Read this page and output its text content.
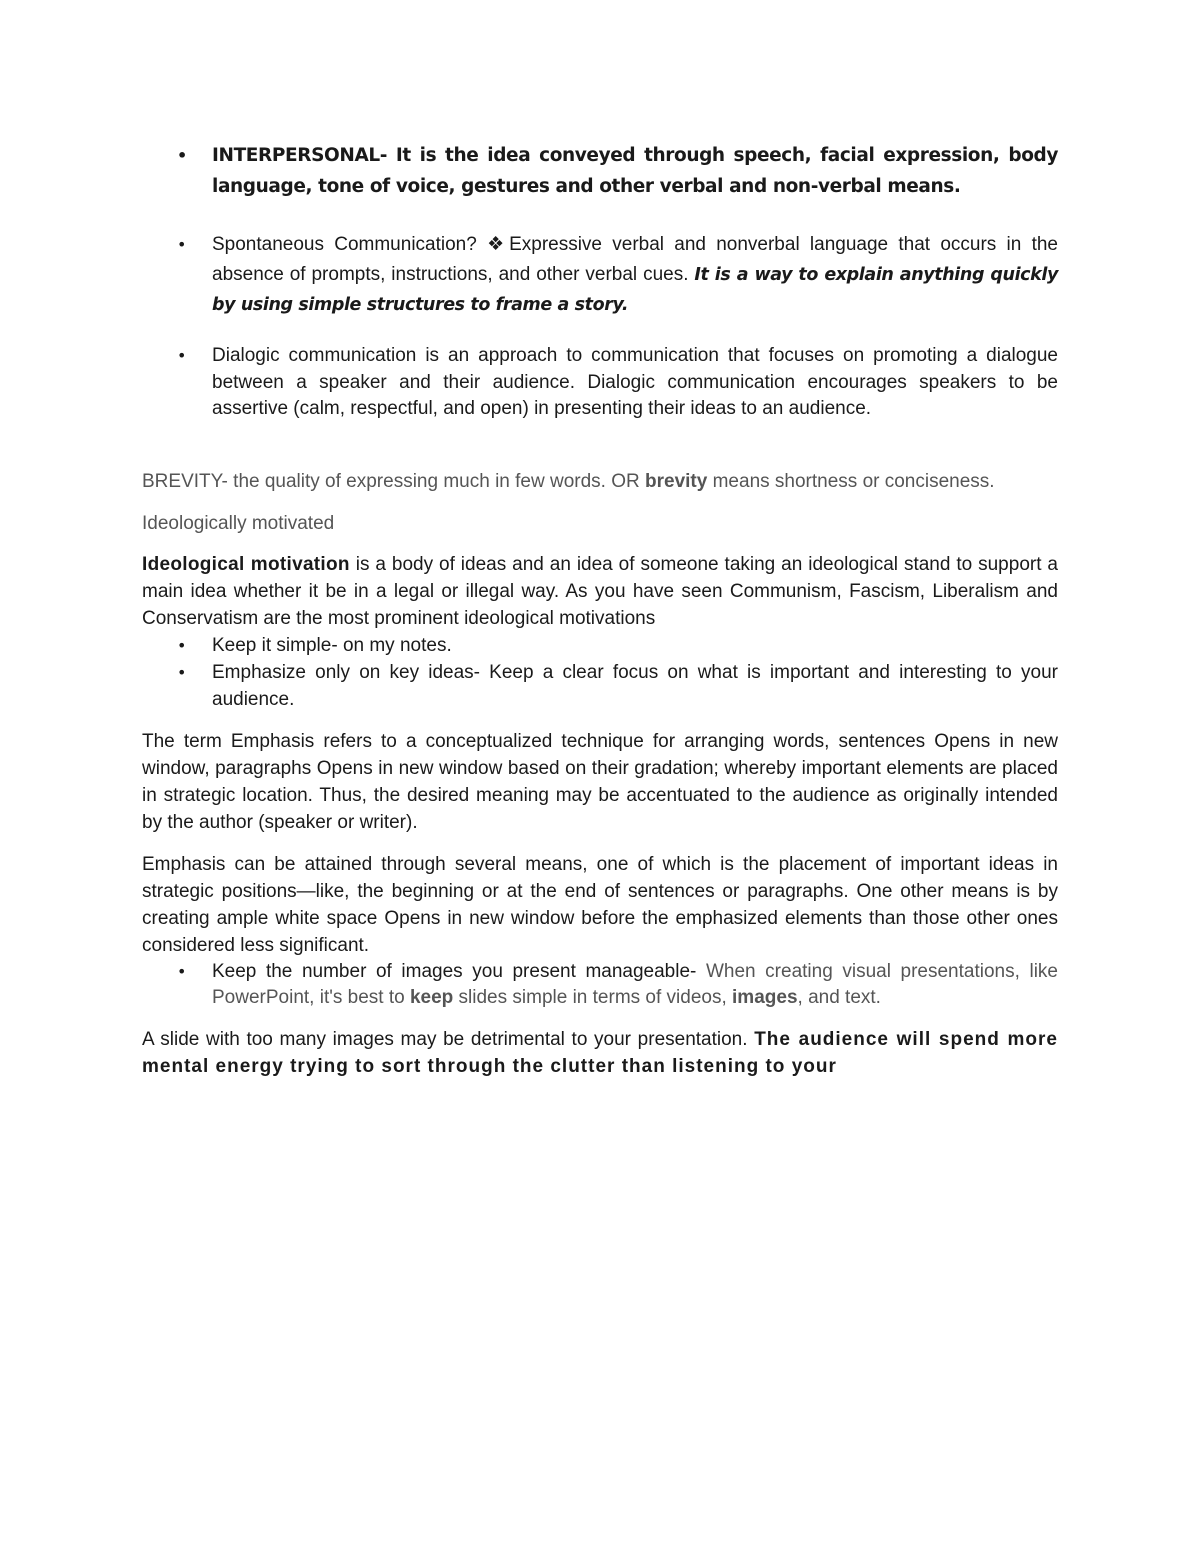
• INTERPERSONAL- It is the idea conveyed through speech, facial expression, body language, tone of voice, gestures and other verbal and non-verbal means.
• Spontaneous Communication? ❖Expressive verbal and nonverbal language that occurs in the absence of prompts, instructions, and other verbal cues. It is a way to explain anything quickly by using simple structures to frame a story.
• Dialogic communication is an approach to communication that focuses on promoting a dialogue between a speaker and their audience. Dialogic communication encourages speakers to be assertive (calm, respectful, and open) in presenting their ideas to an audience.

BREVITY- the quality of expressing much in few words. OR brevity means shortness or conciseness.

Ideologically motivated

Ideological motivation is a body of ideas and an idea of someone taking an ideological stand to support a main idea whether it be in a legal or illegal way. As you have seen Communism, Fascism, Liberalism and Conservatism are the most prominent ideological motivations

• Keep it simple- on my notes.
• Emphasize only on key ideas- Keep a clear focus on what is important and interesting to your audience.

The term Emphasis refers to a conceptualized technique for arranging words, sentences Opens in new window, paragraphs Opens in new window based on their gradation; whereby important elements are placed in strategic location. Thus, the desired meaning may be accentuated to the audience as originally intended by the author (speaker or writer).

Emphasis can be attained through several means, one of which is the placement of important ideas in strategic positions—like, the beginning or at the end of sentences or paragraphs. One other means is by creating ample white space Opens in new window before the emphasized elements than those other ones considered less significant.

• Keep the number of images you present manageable- When creating visual presentations, like PowerPoint, it's best to keep slides simple in terms of videos, images, and text.

A slide with too many images may be detrimental to your presentation. The audience will spend more mental energy trying to sort through the clutter than listening to your
